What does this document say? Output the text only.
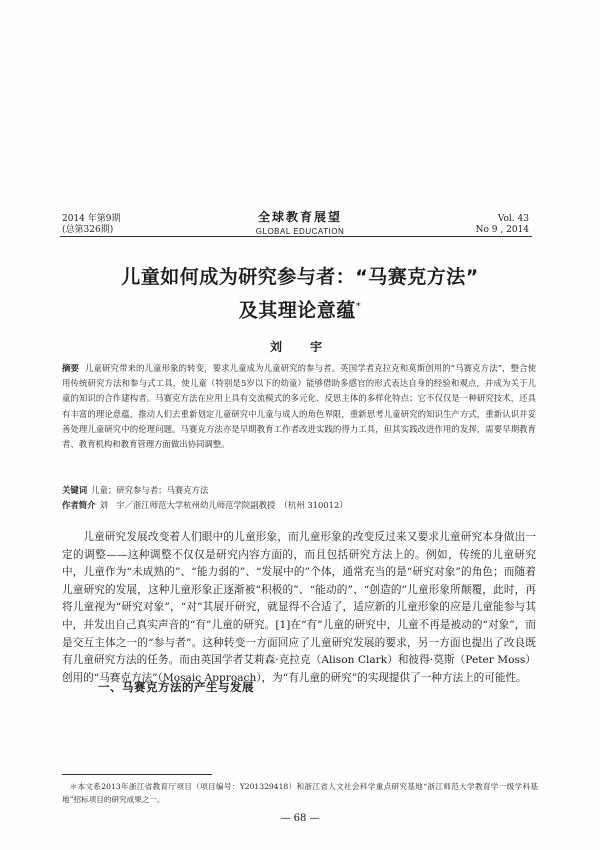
2014 年第9期
(总第326期)
全球教育展望
GLOBAL EDUCATION
Vol. 43
No 9 , 2014
儿童如何成为研究参与者：“马赛克方法”
及其理论意蕴*
刘　宇
摘要 儿童研究带来的儿童形象的转变，要求儿童成为儿童研究的参与者。英国学者克拉克和莫斯创用的“马赛克方法”，整合使用传统研究方法和参与式工具，使儿童（特别是5岁以下的幼童）能够借助多感官的形式表达自身的经验和观点，并成为关于儿童的知识的合作建构者。马赛克方法在应用上具有交流模式的多元化、反思主体的多样化特点；它不仅仅是一种研究技术，还具有丰富的理论意蕴，推动人们去重新划定儿童研究中儿童与成人的角色界限，重新思考儿童研究的知识生产方式，重新认识并妥善处理儿童研究中的伦理问题。马赛克方法亦是早期教育工作者改进实践的得力工具，但其实践改进作用的发挥，需要早期教育者、教育机构和教育管理方面做出协同调整。
关键词 儿童；研究参与者；马赛克方法
作者简介 刘　宇／浙江师范大学杭州幼儿师范学院副教授　（杭州 310012）
儿童研究发展改变着人们眼中的儿童形象，而儿童形象的改变反过来又要求儿童研究本身做出一定的调整——这种调整不仅仅是研究内容方面的，而且包括研究方法上的。例如，传统的儿童研究中，儿童作为“未成熟的”、“能力弱的”、“发展中的”个体，通常充当的是“研究对象”的角色；而随着儿童研究的发展，这种儿童形象正逐渐被“积极的”、“能动的”、“创造的”儿童形象所颠覆，此时，再将儿童视为“研究对象”，“对”其展开研究，就显得不合适了，适应新的儿童形象的应是儿童能参与其中，并发出自己真实声音的“有”儿童的研究。[1]在“有”儿童的研究中，儿童不再是被动的“对象”，而是交互主体之一的“参与者”。这种转变一方面回应了儿童研究发展的要求，另一方面也提出了改良既有儿童研究方法的任务。而由英国学者艾莉森·克拉克（Alison Clark）和彼得·莫斯（Peter Moss）创用的“马赛克方法”（Mosaic Approach），为“有儿童的研究”的实现提供了一种方法上的可能性。
一、马赛克方法的产生与发展
＊本文系2013年浙江省教育厅项目（项目编号：Y201329418）和浙江省人文社会科学重点研究基地“浙江师范大学教育学一级学科基地”招标项目的研究成果之一。
— 68 —
